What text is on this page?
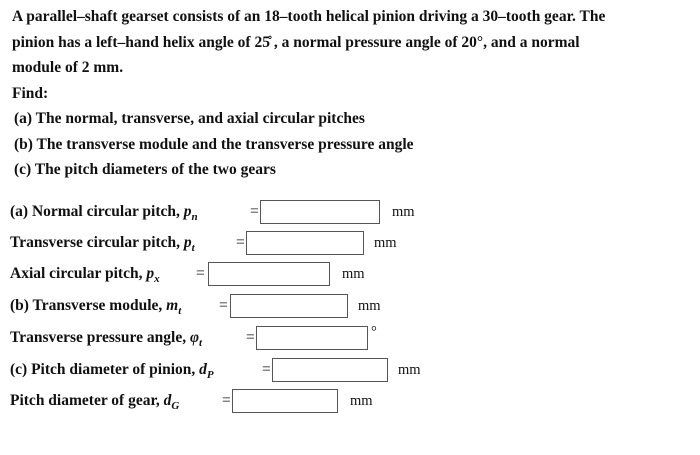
A parallel–shaft gearset consists of an 18–tooth helical pinion driving a 30–tooth gear. The

pinion has a left–hand helix angle of 25̊ , a normal pressure angle of 20°, and a normal

module of 2 mm.

Find:

(a) The normal, transverse, and axial circular pitches

(b) The transverse module and the transverse pressure angle

(c) The pitch diameters of the two gears

(a) Normal circular pitch, $p_n$	=	mm
Transverse circular pitch, $p_t$	=	mm
Axial circular pitch, $p_x$ =	mm
(b) Transverse module, $m_t$ =	mm
Transverse pressure angle, $\varphi_t$	=	°
(c) Pitch diameter of pinion, $d_P$	=	mm
Pitch diameter of gear, $d_G$	=	mm
